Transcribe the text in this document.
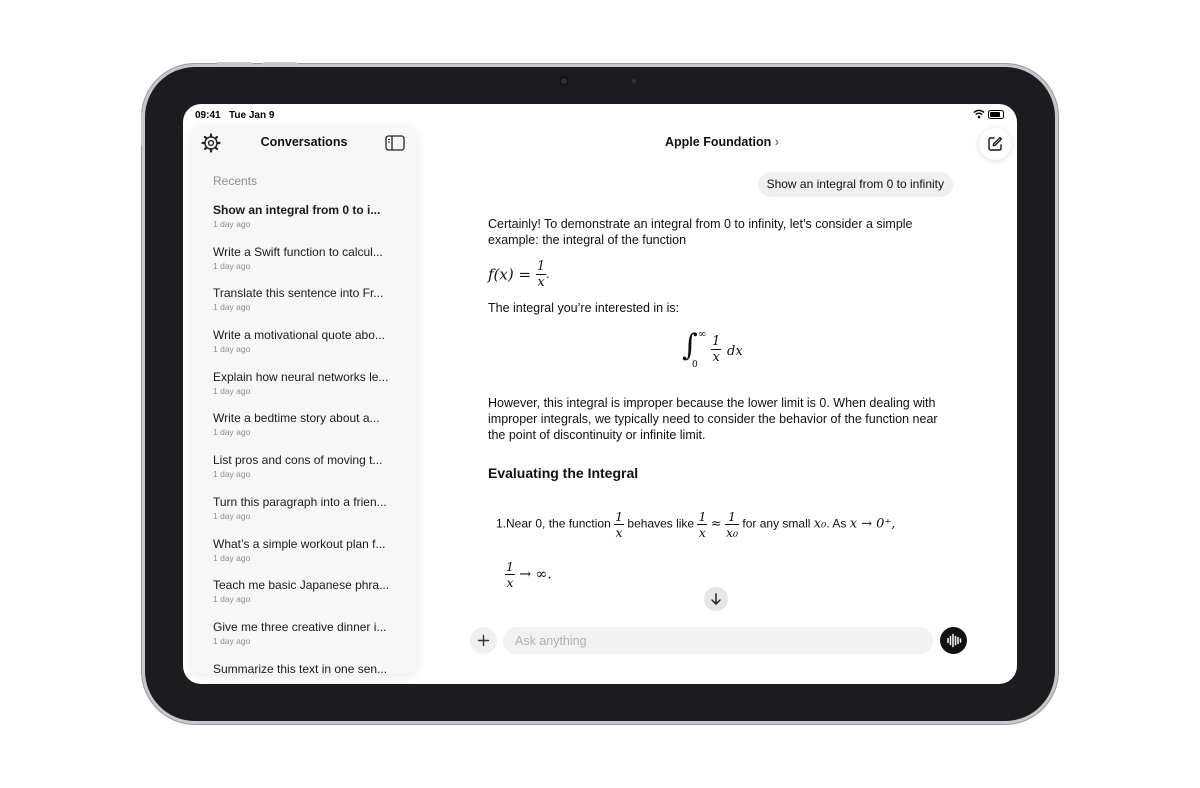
09:41 Tue Jan 9
Conversations
Recents
Show an integral from 0 to i...
1 day ago
Write a Swift function to calcul...
1 day ago
Translate this sentence into Fr...
1 day ago
Write a motivational quote abo...
1 day ago
Explain how neural networks le...
1 day ago
Write a bedtime story about a...
1 day ago
List pros and cons of moving t...
1 day ago
Turn this paragraph into a frien...
1 day ago
What’s a simple workout plan f...
1 day ago
Teach me basic Japanese phra...
1 day ago
Give me three creative dinner i...
1 day ago
Summarize this text in one sen...
Apple Foundation ›
Show an integral from 0 to infinity
Certainly! To demonstrate an integral from 0 to infinity, let’s consider a simple example: the integral of the function
$f(x) = \frac{1}{x}$ .
The integral you’re interested in is:
∫ ∞
$0 \frac{1}{x}$ dx
However, this integral is improper because the lower limit is 0. When dealing with improper integrals, we typically need to consider the behavior of the function near the point of discontinuity or infinite limit.
Evaluating the Integral
1.Near 0, the function $\frac{1}{x}$ behaves like $\frac{1}{x} \approx \frac{1}{\text{x₀}}$ for any small x₀. As x → 0⁺,
$\frac{1}{x}$ → ∞.
Ask anything
